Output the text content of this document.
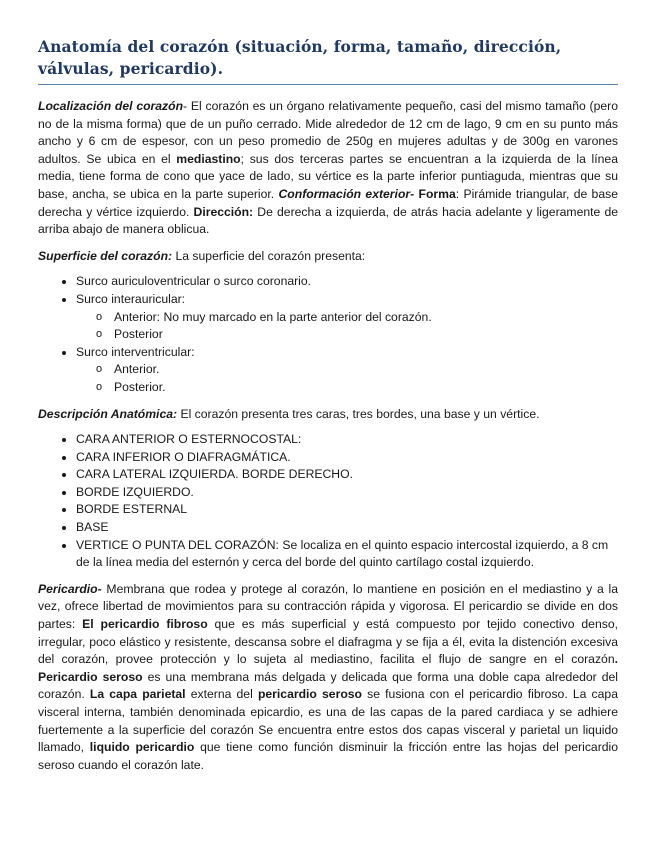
Anatomía del corazón (situación, forma, tamaño, dirección, válvulas, pericardio).

Localización del corazón- El corazón es un órgano relativamente pequeño, casi del mismo tamaño (pero no de la misma forma) que de un puño cerrado. Mide alrededor de 12 cm de lago, 9 cm en su punto más ancho y 6 cm de espesor, con un peso promedio de 250g en mujeres adultas y de 300g en varones adultos. Se ubica en el mediastino; sus dos terceras partes se encuentran a la izquierda de la línea media, tiene forma de cono que yace de lado, su vértice es la parte inferior puntiaguda, mientras que su base, ancha, se ubica en la parte superior. Conformación exterior- Forma: Pirámide triangular, de base derecha y vértice izquierdo. Dirección: De derecha a izquierda, de atrás hacia adelante y ligeramente de arriba abajo de manera oblicua.

Superficie del corazón: La superficie del corazón presenta:

• Surco auriculoventricular o surco coronario.
• Surco interauricular:
o Anterior: No muy marcado en la parte anterior del corazón.
o Posterior
• Surco interventricular:
o Anterior.
o Posterior.

Descripción Anatómica: El corazón presenta tres caras, tres bordes, una base y un vértice.

• CARA ANTERIOR O ESTERNOCOSTAL:
• CARA INFERIOR O DIAFRAGMÁTICA.
• CARA LATERAL IZQUIERDA. BORDE DERECHO.
• BORDE IZQUIERDO.
• BORDE ESTERNAL
• BASE
• VERTICE O PUNTA DEL CORAZÓN: Se localiza en el quinto espacio intercostal izquierdo, a 8 cm de la línea media del esternón y cerca del borde del quinto cartílago costal izquierdo.

Pericardio- Membrana que rodea y protege al corazón, lo mantiene en posición en el mediastino y a la vez, ofrece libertad de movimientos para su contracción rápida y vigorosa. El pericardio se divide en dos partes: El pericardio fibroso que es más superficial y está compuesto por tejido conectivo denso, irregular, poco elástico y resistente, descansa sobre el diafragma y se fija a él, evita la distención excesiva del corazón, provee protección y lo sujeta al mediastino, facilita el flujo de sangre en el corazón. Pericardio seroso es una membrana más delgada y delicada que forma una doble capa alrededor del corazón. La capa parietal externa del pericardio seroso se fusiona con el pericardio fibroso. La capa visceral interna, también denominada epicardio, es una de las capas de la pared cardiaca y se adhiere fuertemente a la superficie del corazón Se encuentra entre estos dos capas visceral y parietal un liquido llamado, liquido pericardio que tiene como función disminuir la fricción entre las hojas del pericardio seroso cuando el corazón late.
